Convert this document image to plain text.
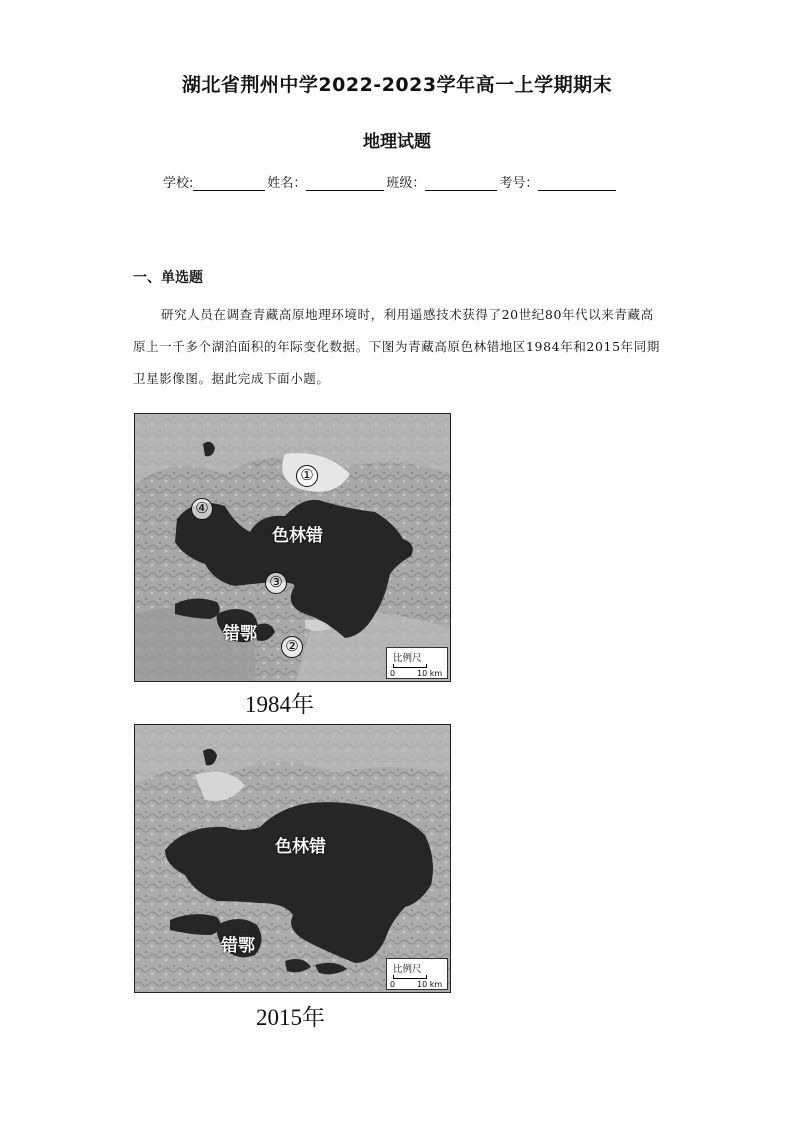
湖北省荆州中学2022-2023学年高一上学期期末
地理试题
学校:	姓名：	班级：	考号：
一、单选题
研究人员在调查青藏高原地理环境时，利用遥感技术获得了20世纪80年代以来青藏高原上一千多个湖泊面积的年际变化数据。下图为青藏高原色林错地区1984年和2015年同期卫星影像图。据此完成下面小题。
色林错
错鄂
①
②
③
④
比例尺
0	10 km
1984年
色林错
错鄂
比例尺
0	10 km
2015年
